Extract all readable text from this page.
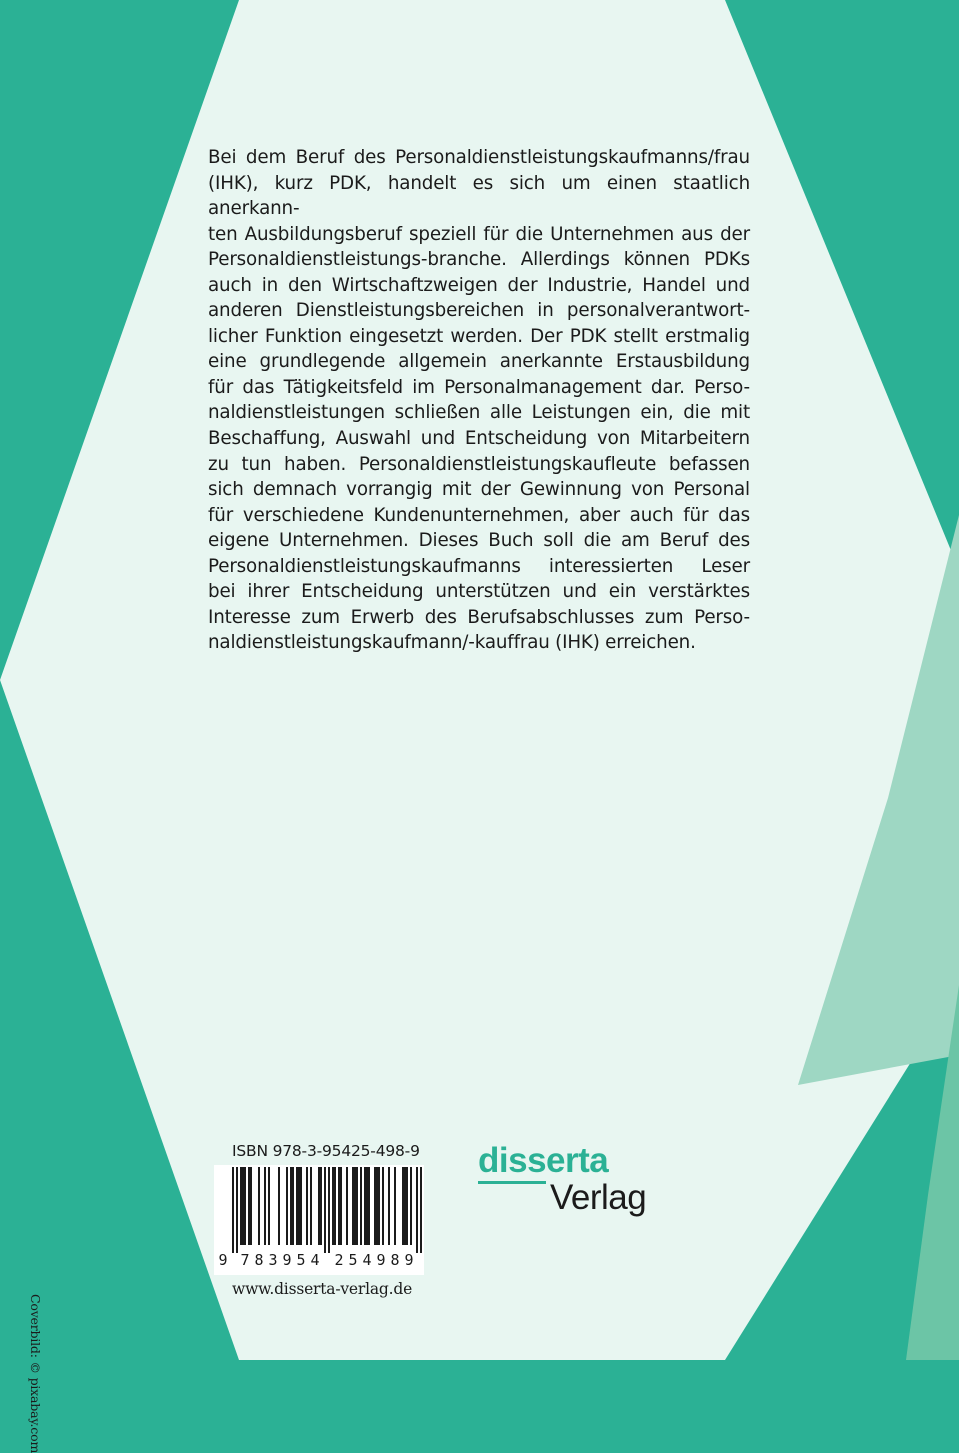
Bei dem Beruf des Personaldienstleistungskaufmanns/frau

(IHK), kurz PDK, handelt es sich um einen staatlich anerkann-

ten Ausbildungsberuf speziell für die Unternehmen aus der

Personaldienstleistungs-branche. Allerdings können PDKs

auch in den Wirtschaftzweigen der Industrie, Handel und

anderen Dienstleistungsbereichen in personalverantwort-

licher Funktion eingesetzt werden. Der PDK stellt erstmalig

eine grundlegende allgemein anerkannte Erstausbildung

für das Tätigkeitsfeld im Personalmanagement dar. Perso-

naldienstleistungen schließen alle Leistungen ein, die mit

Beschaffung, Auswahl und Entscheidung von Mitarbeitern

zu tun haben. Personaldienstleistungskaufleute befassen

sich demnach vorrangig mit der Gewinnung von Personal

für verschiedene Kundenunternehmen, aber auch für das

eigene Unternehmen. Dieses Buch soll die am Beruf des

Personaldienstleistungskaufmanns interessierten Leser

bei ihrer Entscheidung unterstützen und ein verstärktes

Interesse zum Erwerb des Berufsabschlusses zum Perso-

naldienstleistungskaufmann/-kauffrau (IHK) erreichen.

ISBN 978-3-95425-498-9
9 7 8 3 9 5 4 2 5 4 9 8 9
www.disserta-verlag.de
disserta
Verlag
Coverbild: © pixabay.com
